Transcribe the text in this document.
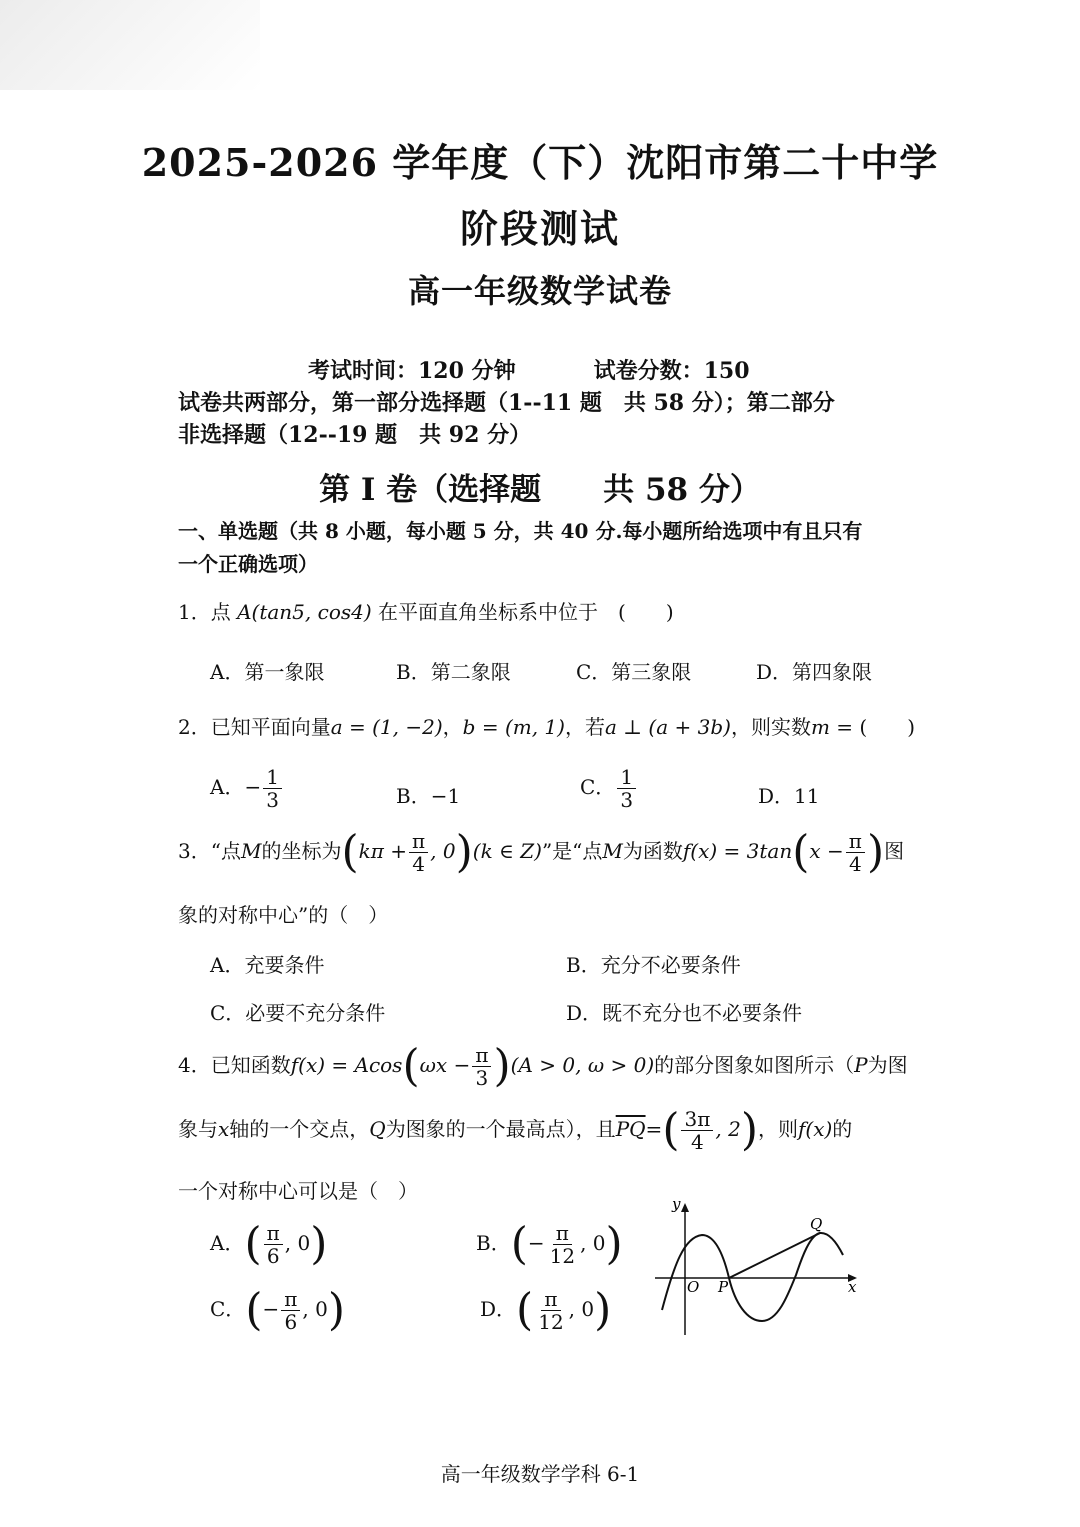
2025-2026 学年度（下）沈阳市第二十中学
阶段测试
高一年级数学试卷
考试时间：120 分钟	试卷分数：150
试卷共两部分，第一部分选择题（1--11 题　共 58 分）；第二部分
非选择题（12--19 题　共 92 分）
第 I 卷（选择题　　共 58 分）
一、单选题（共 8 小题，每小题 5 分，共 40 分.每小题所给选项中有且只有
一个正确选项）
1．点 A(tan5, cos4) 在平面直角坐标系中位于　(　　)
A．第一象限	B．第二象限	C．第三象限	D．第四象限
2．已知平面向量a = (1, −2)，b = (m, 1)，若a ⊥ (a + 3b)，则实数m = (　　)
A．− $\frac{1}{3}$	B．−1	C． $\frac{1}{3}$	D．11
3．“点M的坐标为($k\pi + \frac{\pi}{4}$ , 0)(k ∈ Z)”是“点M为函数$f(x) = 3\tan(x - \frac{\pi}{4}$ )图
象的对称中心”的（　）
A．充要条件	B．充分不必要条件
C．必要不充分条件	D．既不充分也不必要条件
4．已知函数$f(x) = Acos(\omega x - \frac{\pi}{3} )(A > 0$, ω > 0)的部分图象如图所示（P为图
象与x轴的一个交点，Q为图象的一个最高点），且$\overline{PQ}=( \frac{3\pi}{4}$ , 2)，则f(x)的
一个对称中心可以是（　）
A．( $\frac{\pi}{6}$ , 0)	B．(− $\frac{\pi}{12}$ , 0)
C．(− $\frac{\pi}{6}$ , 0)	D．( $\frac{\pi}{12}$ , 0)
y
x
O P
Q
高一年级数学学科 6-1
